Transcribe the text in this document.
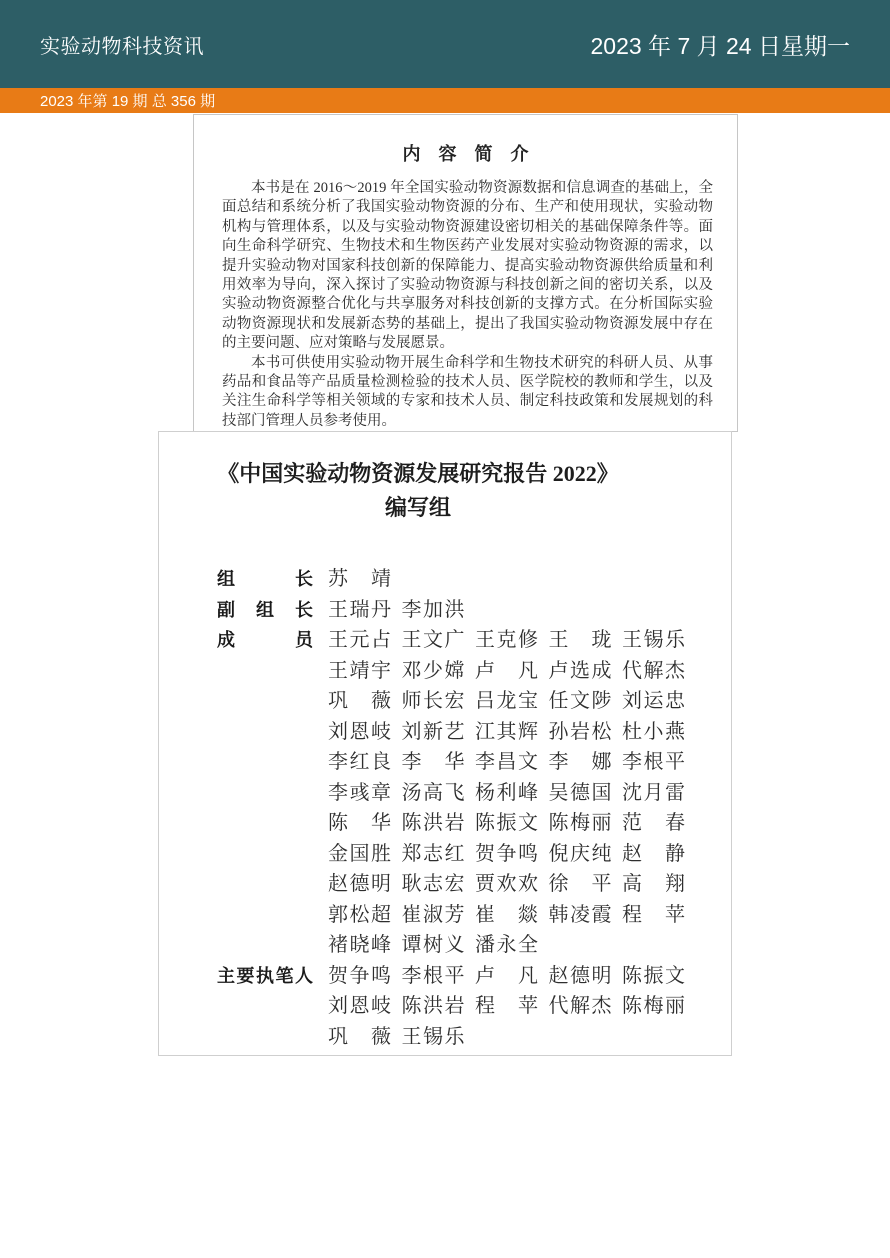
实验动物科技资讯	2023 年 7 月 24 日星期一
2023 年第 19 期 总 356 期
内　容　简　介

本书是在 2016～2019 年全国实验动物资源数据和信息调查的基础上，全面总结和系统分析了我国实验动物资源的分布、生产和使用现状，实验动物机构与管理体系，以及与实验动物资源建设密切相关的基础保障条件等。面向生命科学研究、生物技术和生物医药产业发展对实验动物资源的需求，以提升实验动物对国家科技创新的保障能力、提高实验动物资源供给质量和利用效率为导向，深入探讨了实验动物资源与科技创新之间的密切关系，以及实验动物资源整合优化与共享服务对科技创新的支撑方式。在分析国际实验动物资源现状和发展新态势的基础上，提出了我国实验动物资源发展中存在的主要问题、应对策略与发展愿景。

本书可供使用实验动物开展生命科学和生物技术研究的科研人员、从事药品和食品等产品质量检测检验的技术人员、医学院校的教师和学生，以及关注生命科学等相关领域的专家和技术人员、制定科技政策和发展规划的科技部门管理人员参考使用。

《中国实验动物资源发展研究报告 2022》
编写组
组长 苏　靖
副组长 王瑞丹 李加洪
成员 王元占 王文广 王克修 王　珑 王锡乐
王靖宇 邓少嫦 卢　凡 卢选成 代解杰
巩　薇 师长宏 吕龙宝 任文陟 刘运忠
刘恩岐 刘新艺 江其辉 孙岩松 杜小燕
李红良 李　华 李昌文 李　娜 李根平
李彧章 汤高飞 杨利峰 吴德国 沈月雷
陈　华 陈洪岩 陈振文 陈梅丽 范　春
金国胜 郑志红 贺争鸣 倪庆纯 赵　静
赵德明 耿志宏 贾欢欢 徐　平 高　翔
郭松超 崔淑芳 崔　燚 韩凌霞 程　苹
褚晓峰 谭树义 潘永全
主要执笔人 贺争鸣 李根平 卢　凡 赵德明 陈振文
刘恩岐 陈洪岩 程　苹 代解杰 陈梅丽
巩　薇 王锡乐
